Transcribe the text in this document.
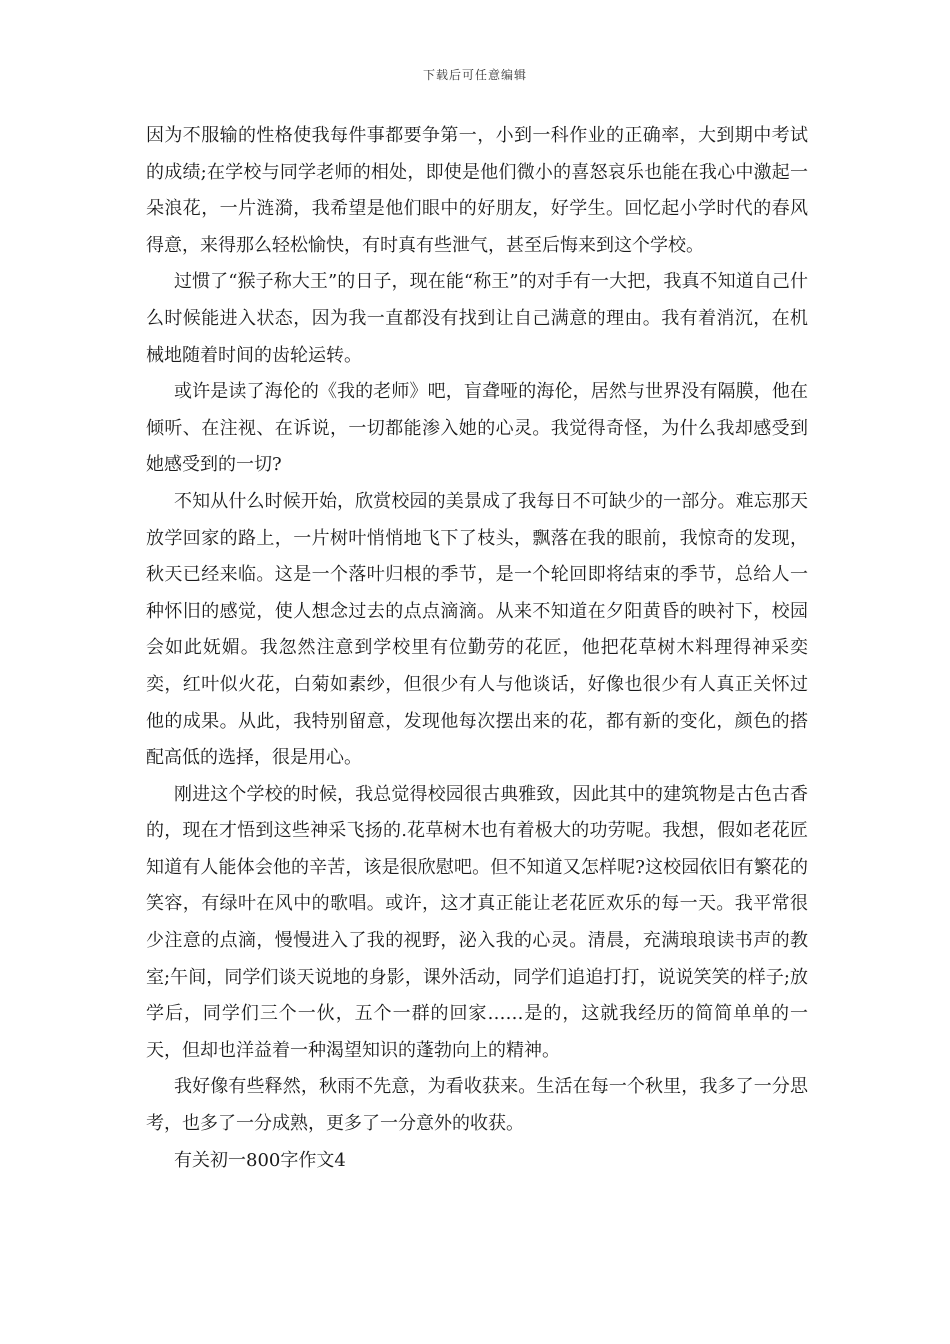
下载后可任意编辑

因为不服输的性格使我每件事都要争第一，小到一科作业的正确率，大到期中考试的成绩;在学校与同学老师的相处，即使是他们微小的喜怒哀乐也能在我心中激起一朵浪花，一片涟漪，我希望是他们眼中的好朋友，好学生。回忆起小学时代的春风得意，来得那么轻松愉快，有时真有些泄气，甚至后悔来到这个学校。

过惯了“猴子称大王”的日子，现在能“称王”的对手有一大把，我真不知道自己什么时候能进入状态，因为我一直都没有找到让自己满意的理由。我有着消沉，在机械地随着时间的齿轮运转。

或许是读了海伦的《我的老师》吧，盲聋哑的海伦，居然与世界没有隔膜，他在倾听、在注视、在诉说，一切都能渗入她的心灵。我觉得奇怪，为什么我却感受到她感受到的一切?

不知从什么时候开始，欣赏校园的美景成了我每日不可缺少的一部分。难忘那天放学回家的路上，一片树叶悄悄地飞下了枝头，飘落在我的眼前，我惊奇的发现，秋天已经来临。这是一个落叶归根的季节，是一个轮回即将结束的季节，总给人一种怀旧的感觉，使人想念过去的点点滴滴。从来不知道在夕阳黄昏的映衬下，校园会如此妩媚。我忽然注意到学校里有位勤劳的花匠，他把花草树木料理得神采奕奕，红叶似火花，白菊如素纱，但很少有人与他谈话，好像也很少有人真正关怀过他的成果。从此，我特别留意，发现他每次摆出来的花，都有新的变化，颜色的搭配高低的选择，很是用心。

刚进这个学校的时候，我总觉得校园很古典雅致，因此其中的建筑物是古色古香的，现在才悟到这些神采飞扬的.花草树木也有着极大的功劳呢。我想，假如老花匠知道有人能体会他的辛苦，该是很欣慰吧。但不知道又怎样呢?这校园依旧有繁花的笑容，有绿叶在风中的歌唱。或许，这才真正能让老花匠欢乐的每一天。我平常很少注意的点滴，慢慢进入了我的视野，泌入我的心灵。清晨，充满琅琅读书声的教室;午间，同学们谈天说地的身影，课外活动，同学们追追打打，说说笑笑的样子;放学后，同学们三个一伙，五个一群的回家……是的，这就我经历的简简单单的一天，但却也洋益着一种渴望知识的蓬勃向上的精神。

我好像有些释然，秋雨不先意，为看收获来。生活在每一个秋里，我多了一分思考，也多了一分成熟，更多了一分意外的收获。

有关初一800字作文4
